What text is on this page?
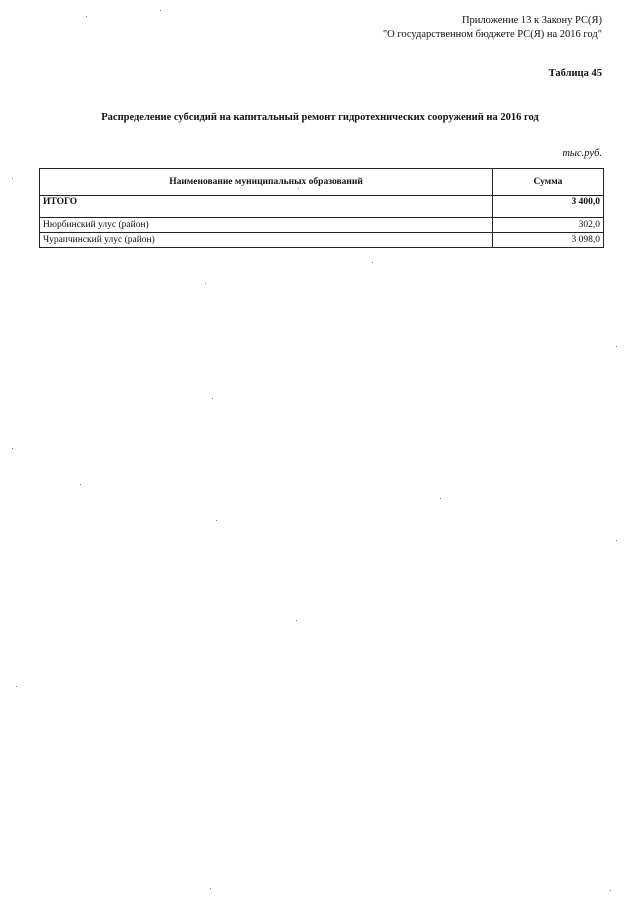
Приложение 13 к Закону РС(Я)
"О государственном бюджете РС(Я) на 2016 год"
Таблица 45
Распределение субсидий на капитальный ремонт гидротехнических сооружений на 2016 год
тыс.руб.
Наименование муниципальных образований	Сумма
ИТОГО	3 400,0
Нюрбинский улус (район)	302,0
Чурапчинский улус (район)	3 098,0
